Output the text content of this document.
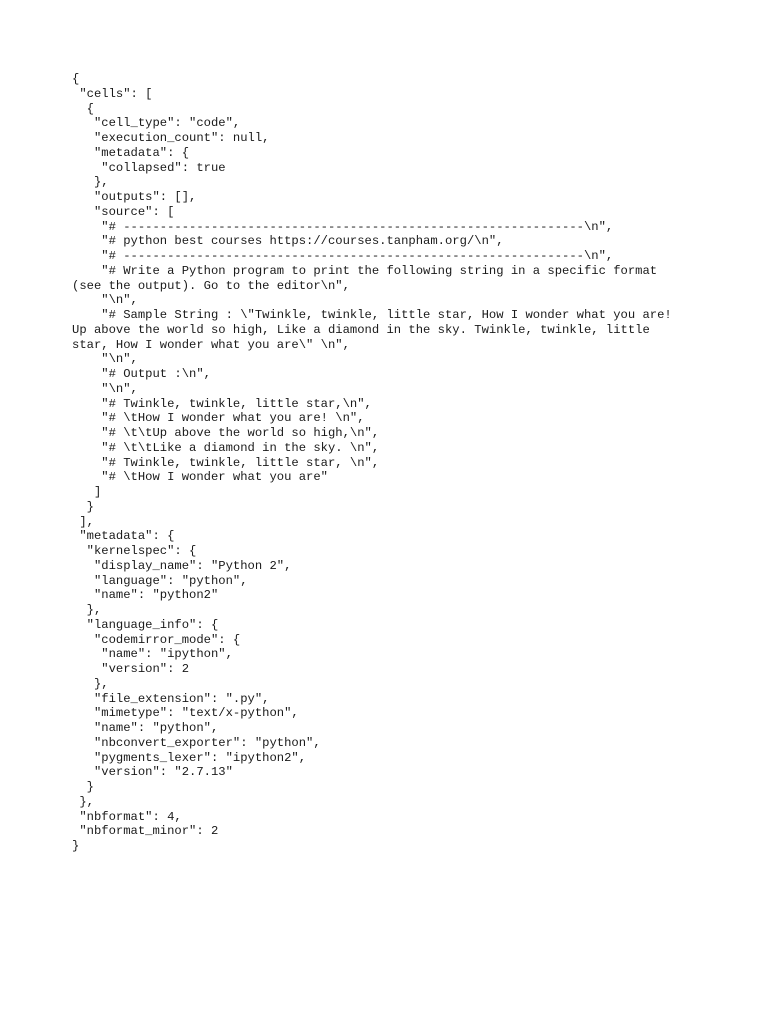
{
"cells": [
{
"cell_type": "code",
"execution_count": null,
"metadata": {
"collapsed": true
},
"outputs": [],
"source": [
"# ---------------------------------------------------------------\n",
"# python best courses https://courses.tanpham.org/\n",
"# ---------------------------------------------------------------\n",
"# Write a Python program to print the following string in a specific format
(see the output). Go to the editor\n",
"\n",
"# Sample String : \"Twinkle, twinkle, little star, How I wonder what you are!
Up above the world so high, Like a diamond in the sky. Twinkle, twinkle, little
star, How I wonder what you are\" \n",
"\n",
"# Output :\n",
"\n",
"# Twinkle, twinkle, little star,\n",
"# \tHow I wonder what you are! \n",
"# \t\tUp above the world so high,\n",
"# \t\tLike a diamond in the sky. \n",
"# Twinkle, twinkle, little star, \n",
"# \tHow I wonder what you are"
]
}
],
"metadata": {
"kernelspec": {
"display_name": "Python 2",
"language": "python",
"name": "python2"
},
"language_info": {
"codemirror_mode": {
"name": "ipython",
"version": 2
},
"file_extension": ".py",
"mimetype": "text/x-python",
"name": "python",
"nbconvert_exporter": "python",
"pygments_lexer": "ipython2",
"version": "2.7.13"
}
},
"nbformat": 4,
"nbformat_minor": 2
}
